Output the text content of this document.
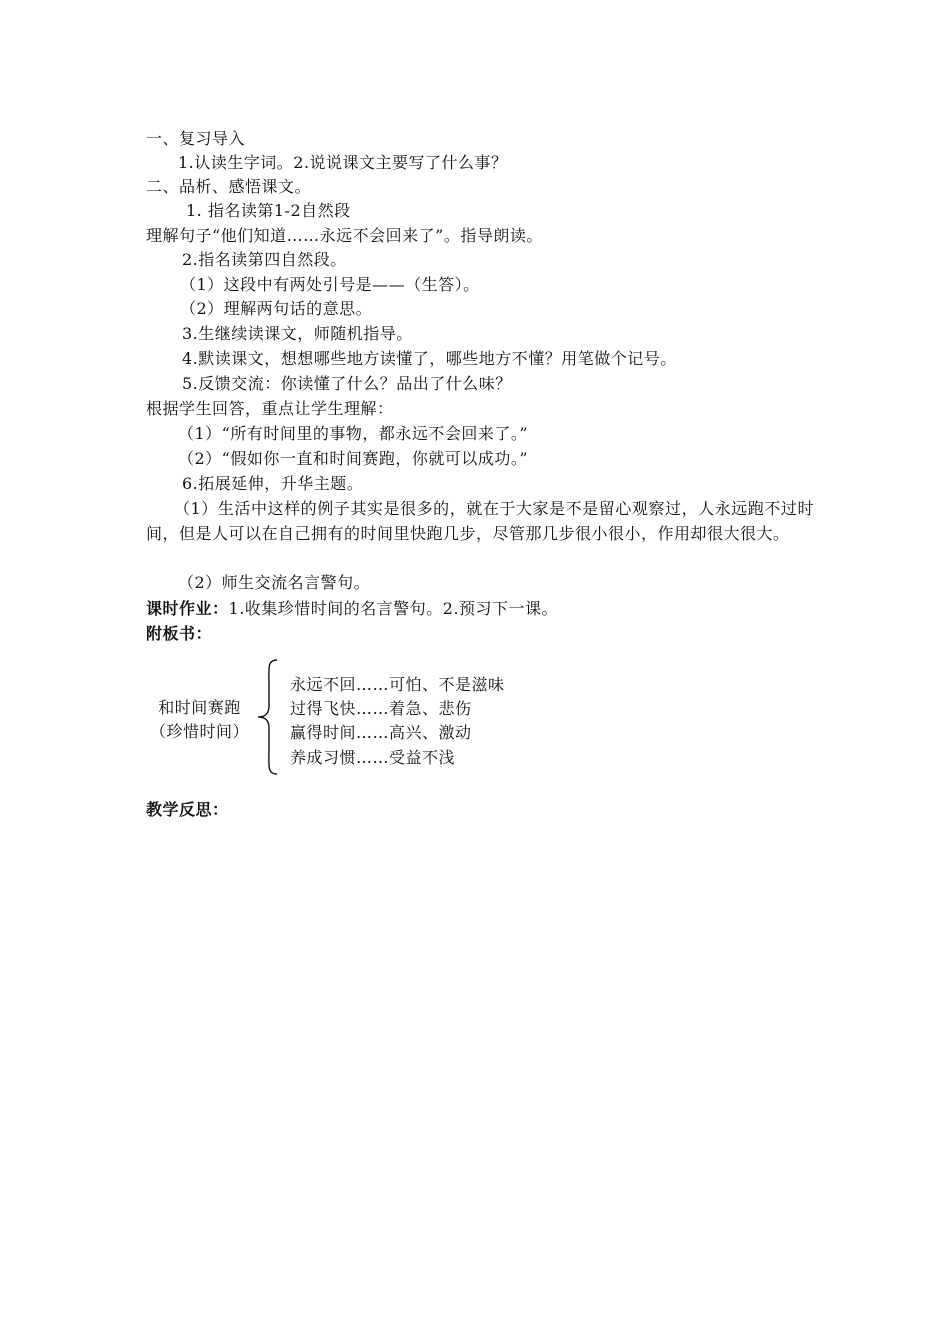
一、复习导入
1.认读生字词。2.说说课文主要写了什么事？
二、品析、感悟课文。
1. 指名读第1-2自然段
理解句子“他们知道……永远不会回来了”。指导朗读。
2.指名读第四自然段。
（1）这段中有两处引号是——（生答）。
（2）理解两句话的意思。
3.生继续读课文，师随机指导。
4.默读课文，想想哪些地方读懂了，哪些地方不懂？用笔做个记号。
5.反馈交流：你读懂了什么？品出了什么味？
根据学生回答，重点让学生理解：
（1）“所有时间里的事物，都永远不会回来了。”
（2）“假如你一直和时间赛跑，你就可以成功。”
6.拓展延伸，升华主题。
（1）生活中这样的例子其实是很多的，就在于大家是不是留心观察过，人永远跑不过时间，但是人可以在自己拥有的时间里快跑几步，尽管那几步很小很小，作用却很大很大。
（2）师生交流名言警句。
课时作业：1.收集珍惜时间的名言警句。2.预习下一课。
附板书：
和时间赛跑
（珍惜时间）
永远不回……可怕、不是滋味
过得飞快……着急、悲伤
赢得时间……高兴、激动
养成习惯……受益不浅
教学反思：
